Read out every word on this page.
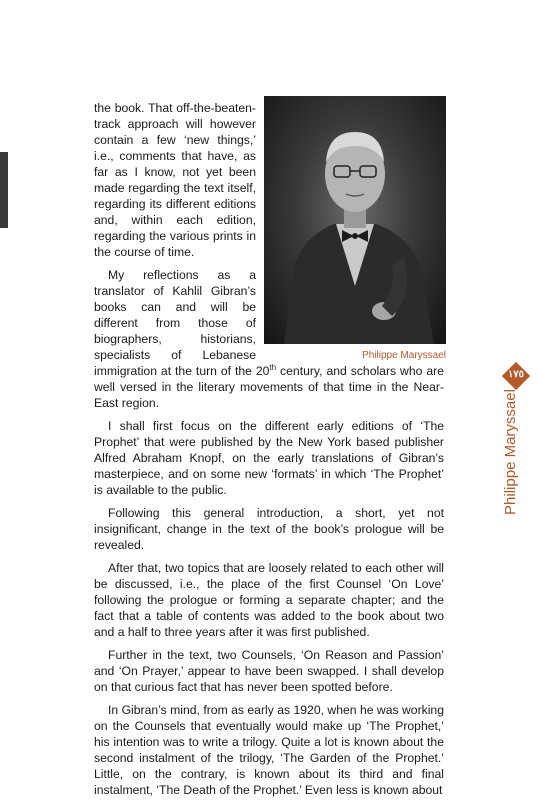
Philippe Maryssael

the book. That off-the-beaten-track approach will however contain a few ‘new things,’ i.e., comments that have, as far as I know, not yet been made regarding the text itself, regarding its different editions and, within each edition, regarding the various prints in the course of time.

My reflections as a translator of Kahlil Gibran’s books can and will be different from those of biographers, historians, specialists of Lebanese immigration at the turn of the 20th century, and scholars who are well versed in the literary movements of that time in the Near-East region.

I shall first focus on the different early editions of ‘The Prophet’ that were published by the New York based publisher Alfred Abraham Knopf, on the early translations of Gibran’s masterpiece, and on some new ‘formats’ in which ‘The Prophet’ is available to the public.

Following this general introduction, a short, yet not insignificant, change in the text of the book’s prologue will be revealed.

After that, two topics that are loosely related to each other will be discussed, i.e., the place of the first Counsel ‘On Love’ following the prologue or forming a separate chapter; and the fact that a table of contents was added to the book about two and a half to three years after it was first published.

Further in the text, two Counsels, ‘On Reason and Passion’ and ‘On Prayer,’ appear to have been swapped. I shall develop on that curious fact that has never been spotted before.

In Gibran’s mind, from as early as 1920, when he was working on the Counsels that eventually would make up ‘The Prophet,’ his intention was to write a trilogy. Quite a lot is known about the second instalment of the trilogy, ‘The Garden of the Prophet.’ Little, on the contrary, is known about its third and final instalment, ‘The Death of the Prophet.’ Even less is known about

١٧٥
Philippe Maryssael
